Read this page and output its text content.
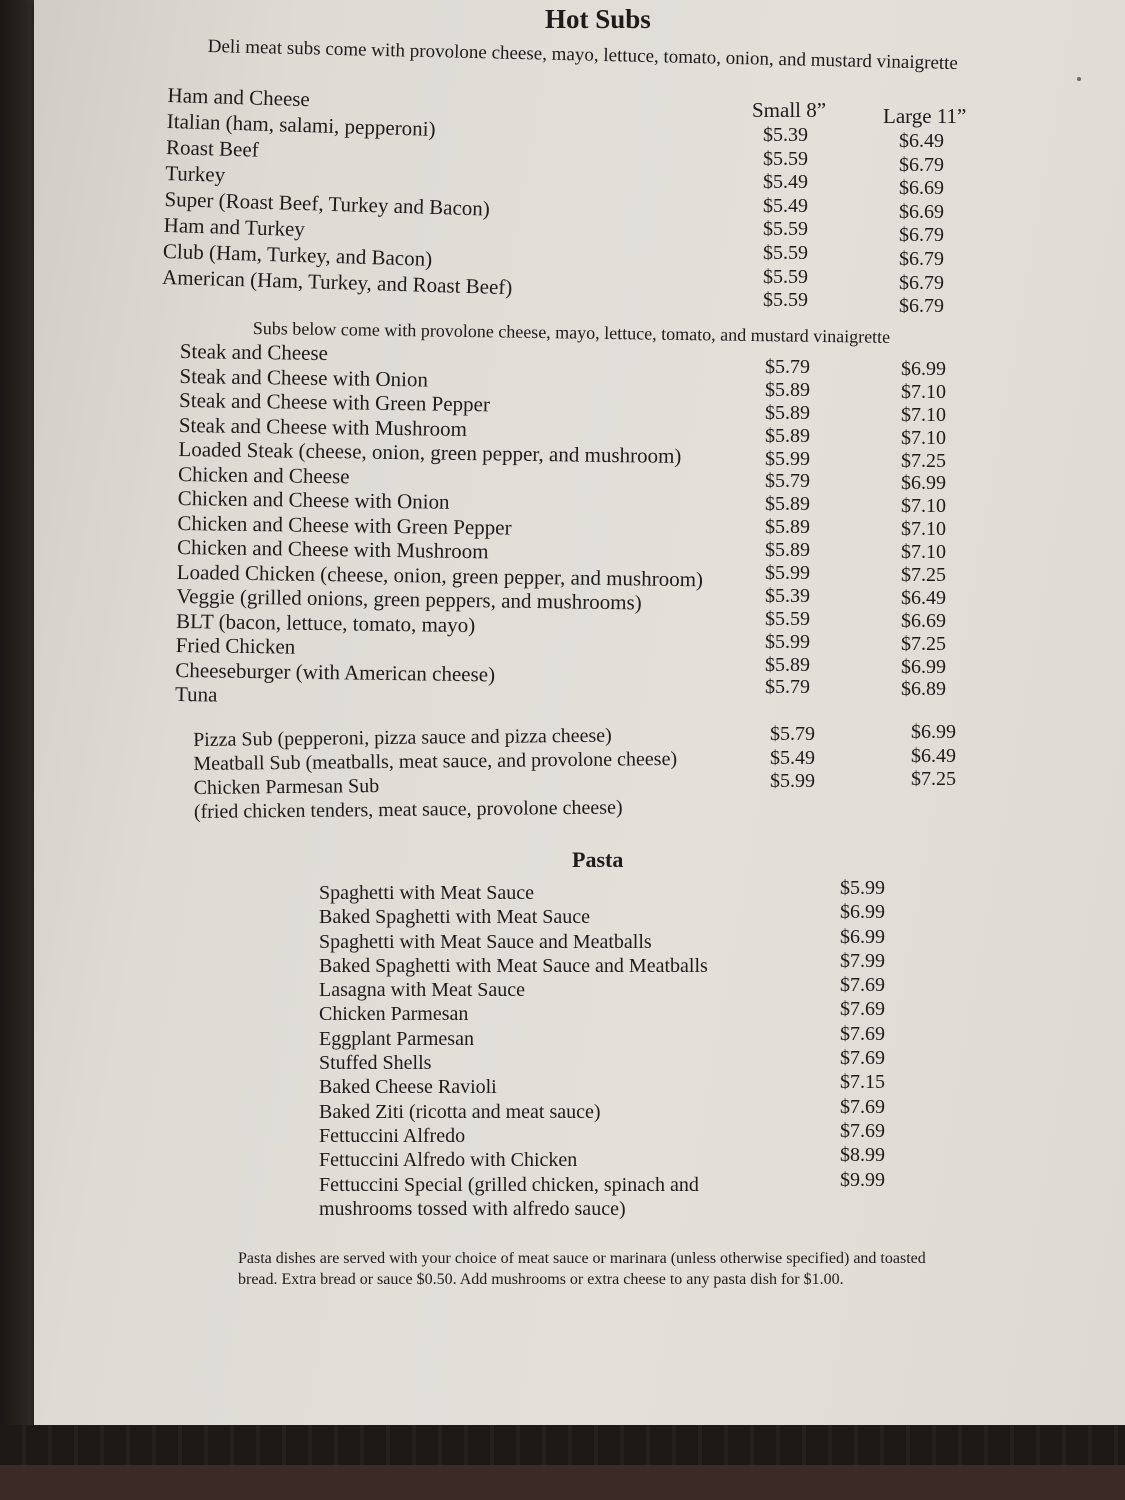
Hot Subs
Deli meat subs come with provolone cheese, mayo, lettuce, tomato, onion, and mustard vinaigrette
Small 8”	Large 11”
Ham and Cheese
Italian (ham, salami, pepperoni)
Roast Beef
Turkey
Super (Roast Beef, Turkey and Bacon)
Ham and Turkey
Club (Ham, Turkey, and Bacon)
American (Ham, Turkey, and Roast Beef)
$5.39
$5.59
$5.49
$5.49
$5.59
$5.59
$5.59
$5.59
$6.49
$6.79
$6.69
$6.69
$6.79
$6.79
$6.79
$6.79
Subs below come with provolone cheese, mayo, lettuce, tomato, and mustard vinaigrette
Steak and Cheese
Steak and Cheese with Onion
Steak and Cheese with Green Pepper
Steak and Cheese with Mushroom
Loaded Steak (cheese, onion, green pepper, and mushroom)
Chicken and Cheese
Chicken and Cheese with Onion
Chicken and Cheese with Green Pepper
Chicken and Cheese with Mushroom
Loaded Chicken (cheese, onion, green pepper, and mushroom)
Veggie (grilled onions, green peppers, and mushrooms)
BLT (bacon, lettuce, tomato, mayo)
Fried Chicken
Cheeseburger (with American cheese)
Tuna
$5.79
$5.89
$5.89
$5.89
$5.99
$5.79
$5.89
$5.89
$5.89
$5.99
$5.39
$5.59
$5.99
$5.89
$5.79
$6.99
$7.10
$7.10
$7.10
$7.25
$6.99
$7.10
$7.10
$7.10
$7.25
$6.49
$6.69
$7.25
$6.99
$6.89
Pizza Sub (pepperoni, pizza sauce and pizza cheese)
Meatball Sub (meatballs, meat sauce, and provolone cheese)
Chicken Parmesan Sub
(fried chicken tenders, meat sauce, provolone cheese)
$5.79
$5.49
$5.99
$6.99
$6.49
$7.25
Pasta
Spaghetti with Meat Sauce
Baked Spaghetti with Meat Sauce
Spaghetti with Meat Sauce and Meatballs
Baked Spaghetti with Meat Sauce and Meatballs
Lasagna with Meat Sauce
Chicken Parmesan
Eggplant Parmesan
Stuffed Shells
Baked Cheese Ravioli
Baked Ziti (ricotta and meat sauce)
Fettuccini Alfredo
Fettuccini Alfredo with Chicken
Fettuccini Special (grilled chicken, spinach and
mushrooms tossed with alfredo sauce)
$5.99
$6.99
$6.99
$7.99
$7.69
$7.69
$7.69
$7.69
$7.15
$7.69
$7.69
$8.99
$9.99
Pasta dishes are served with your choice of meat sauce or marinara (unless otherwise specified) and toasted
bread. Extra bread or sauce $0.50. Add mushrooms or extra cheese to any pasta dish for $1.00.
